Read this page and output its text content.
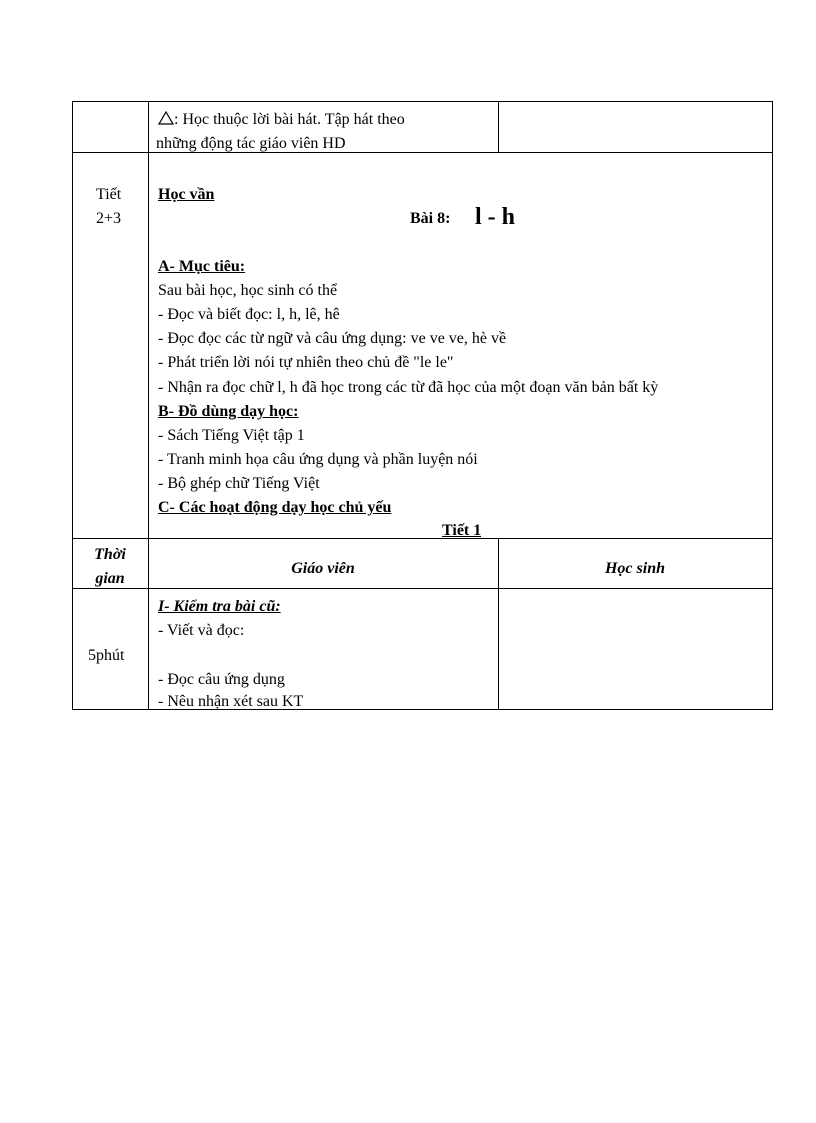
: Học thuộc lời bài hát. Tập hát theo
những động tác giáo viên HD
Tiết
2+3
Học vần
Bài 8: l - h
A- Mục tiêu:
Sau bài học, học sinh có thể
- Đọc và biết đọc: l, h, lê, hê
- Đọc đọc các từ ngữ và câu ứng dụng: ve ve ve, hè về
- Phát triển lời nói tự nhiên theo chủ đề "le le"
- Nhận ra đọc chữ l, h đã học trong các từ đã học của một đoạn văn bản bất kỳ
B- Đồ dùng dạy học:
- Sách Tiếng Việt tập 1
- Tranh minh họa câu ứng dụng và phần luyện nói
- Bộ ghép chữ Tiếng Việt
C- Các hoạt động dạy học chủ yếu
Tiết 1
Thời
gian
Giáo viên	Học sinh
5phút
I- Kiểm tra bài cũ:
- Viết và đọc:
- Đọc câu ứng dụng
- Nêu nhận xét sau KT
